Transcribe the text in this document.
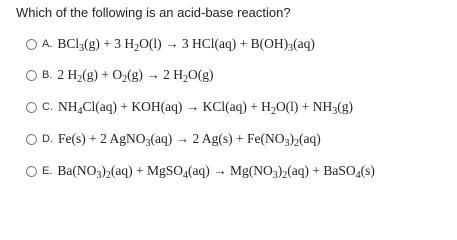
Which of the following is an acid-base reaction?
A. BCl$_3$(g) + 3 $H_2O(l) \to 3$ $HCl(aq) + B(OH)_3(aq)$
B. 2 $H_2(g) + O_2(g) \to 2$ $H_2O(g)$
C. $NH_4Cl(aq) + KOH(aq) \to KCl(aq) + H_2O(l) + NH_3(g)$
D. Fe(s) + 2 AgNO$_3$(aq) → 2 $Ag(s) + Fe(NO_3)_2(aq)$
E. $Ba(NO_3)_2(aq)$ + MgSO$_4$(aq) → $Mg(NO_3)_2(aq)$ + BaSO$_4$(s)
